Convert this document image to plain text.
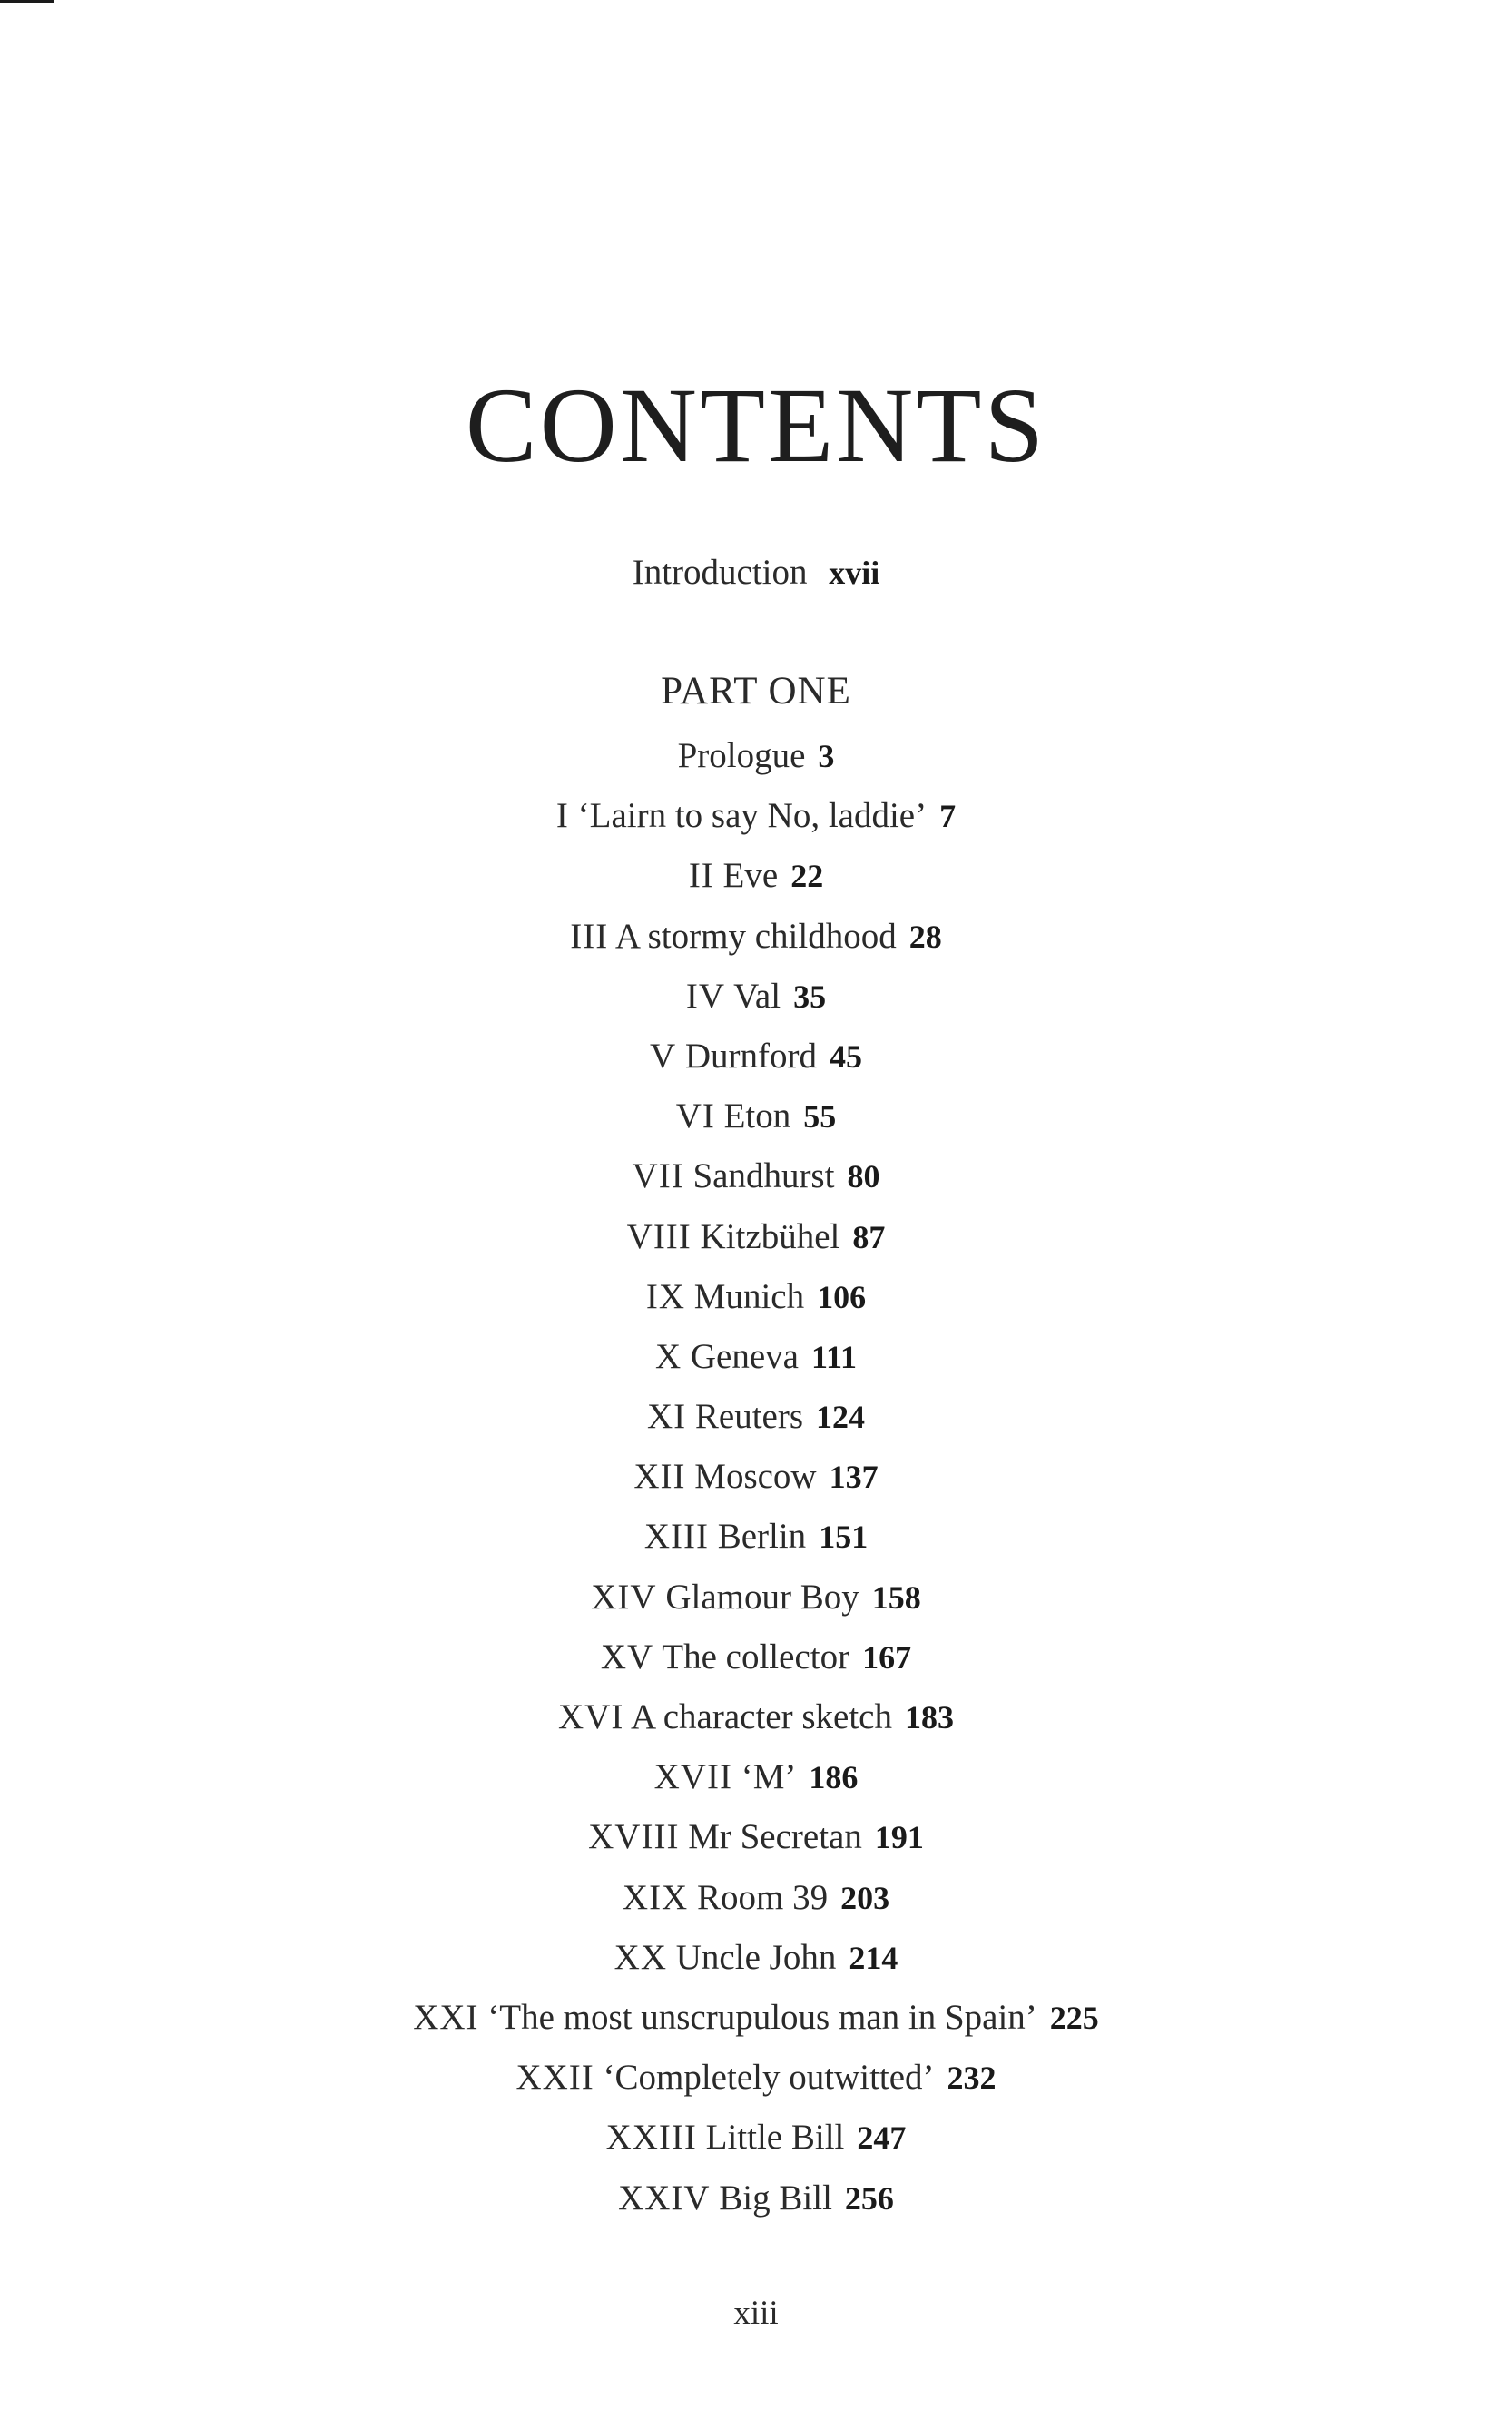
CONTENTS
Introduction xvii
PART ONE
Prologue 3
I ‘Lairn to say No, laddie’ 7
II Eve 22
III A stormy childhood 28
IV Val 35
V Durnford 45
VI Eton 55
VII Sandhurst 80
VIII Kitzbühel 87
IX Munich 106
X Geneva 111
XI Reuters 124
XII Moscow 137
XIII Berlin 151
XIV Glamour Boy 158
XV The collector 167
XVI A character sketch 183
XVII ‘M’ 186
XVIII Mr Secretan 191
XIX Room 39 203
XX Uncle John 214
XXI ‘The most unscrupulous man in Spain’ 225
XXII ‘Completely outwitted’ 232
XXIII Little Bill 247
XXIV Big Bill 256
xiii
